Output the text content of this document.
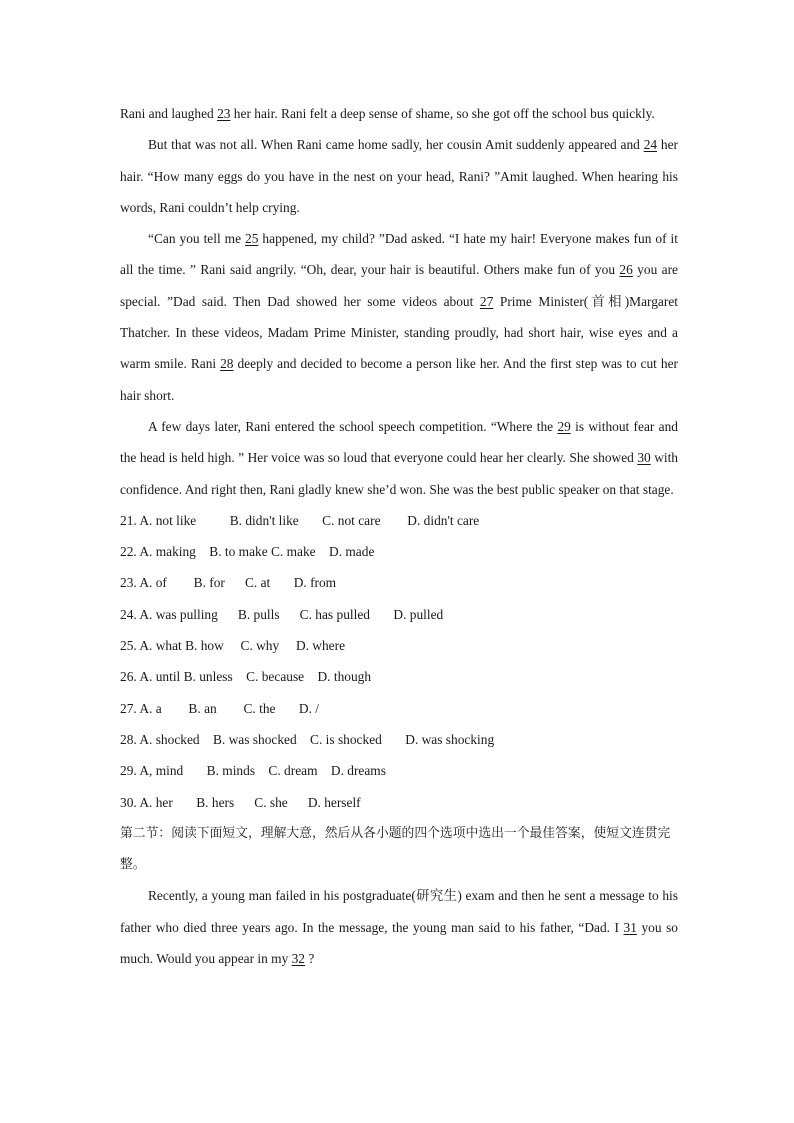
Rani and laughed 23 her hair. Rani felt a deep sense of shame, so she got off the school bus quickly.

But that was not all. When Rani came home sadly, her cousin Amit suddenly appeared and 24 her hair. “How many eggs do you have in the nest on your head, Rani? ”Amit laughed. When hearing his words, Rani couldn’t help crying.

“Can you tell me 25 happened, my child? ”Dad asked. “I hate my hair! Everyone makes fun of it all the time. ” Rani said angrily. “Oh, dear, your hair is beautiful. Others make fun of you 26 you are special. ”Dad said. Then Dad showed her some videos about 27 Prime Minister(首相)Margaret Thatcher. In these videos, Madam Prime Minister, standing proudly, had short hair, wise eyes and a warm smile. Rani 28 deeply and decided to become a person like her. And the first step was to cut her hair short.

A few days later, Rani entered the school speech competition. “Where the 29 is without fear and the head is held high. ” Her voice was so loud that everyone could hear her clearly. She showed 30 with confidence. And right then, Rani gladly knew she’d won. She was the best public speaker on that stage.

21. A. not like          B. didn't like       C. not care        D. didn't care

22. A. making    B. to make C. make    D. made

23. A. of        B. for      C. at       D. from

24. A. was pulling      B. pulls      C. has pulled       D. pulled

25. A. what B. how     C. why     D. where

26. A. until B. unless    C. because    D. though

27. A. a        B. an        C. the       D. /

28. A. shocked    B. was shocked    C. is shocked       D. was shocking

29. A, mind       B. minds    C. dream    D. dreams

30. A. her       B. hers      C. she      D. herself

第二节：阅读下面短文，理解大意，然后从各小题的四个选项中选出一个最佳答案，使短文连贯完整。

Recently, a young man failed in his postgraduate(研究生) exam and then he sent a message to his father who died three years ago. In the message, the young man said to his father, “Dad. I 31 you so much. Would you appear in my 32 ?
